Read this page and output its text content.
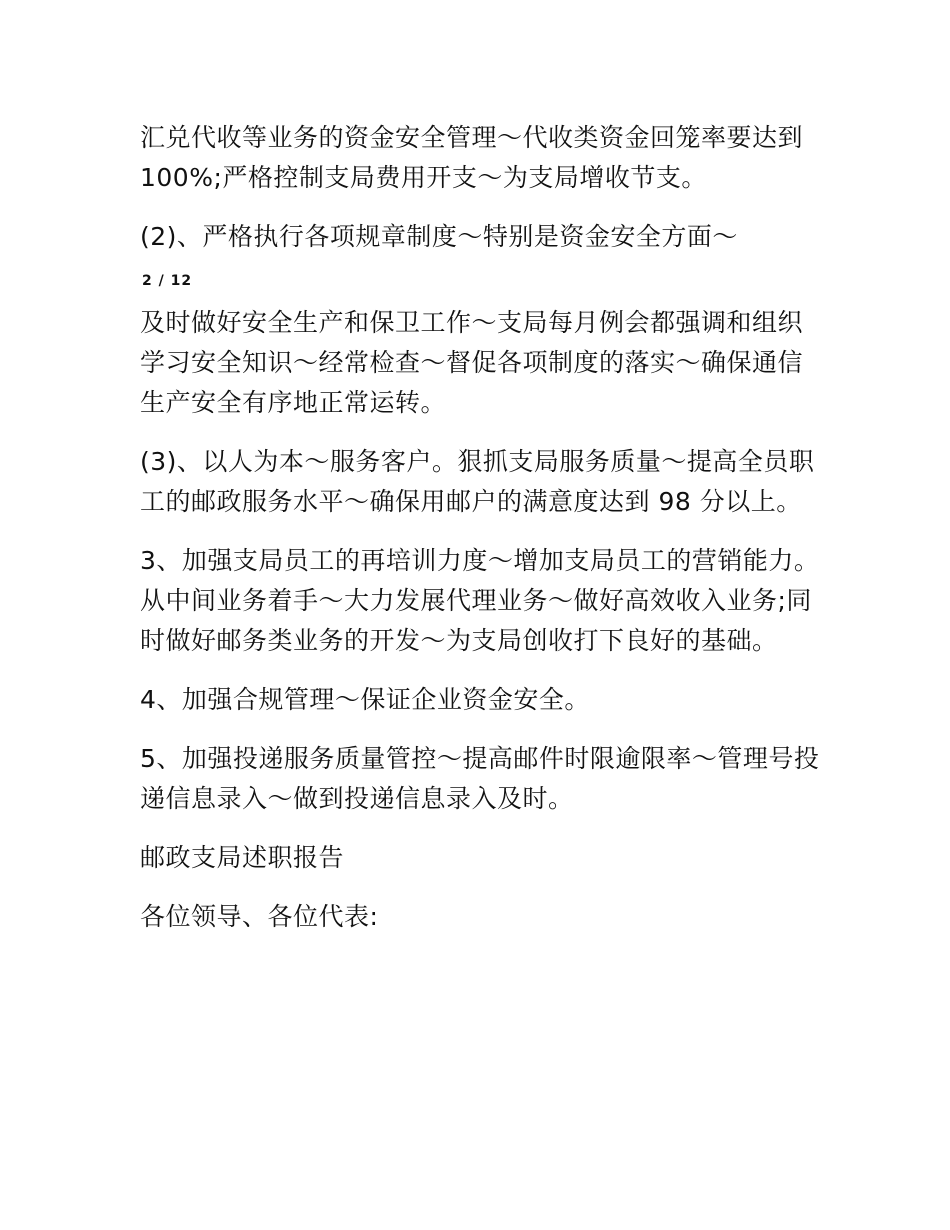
汇兑代收等业务的资金安全管理～代收类资金回笼率要达到 100%;严格控制支局费用开支～为支局增收节支。

(2)、严格执行各项规章制度～特别是资金安全方面～

2 / 12

及时做好安全生产和保卫工作～支局每月例会都强调和组织学习安全知识～经常检查～督促各项制度的落实～确保通信生产安全有序地正常运转。

(3)、以人为本～服务客户。狠抓支局服务质量～提高全员职工的邮政服务水平～确保用邮户的满意度达到 98 分以上。

3、加强支局员工的再培训力度～增加支局员工的营销能力。从中间业务着手～大力发展代理业务～做好高效收入业务;同时做好邮务类业务的开发～为支局创收打下良好的基础。

4、加强合规管理～保证企业资金安全。

5、加强投递服务质量管控～提高邮件时限逾限率～管理号投递信息录入～做到投递信息录入及时。

邮政支局述职报告

各位领导、各位代表:
